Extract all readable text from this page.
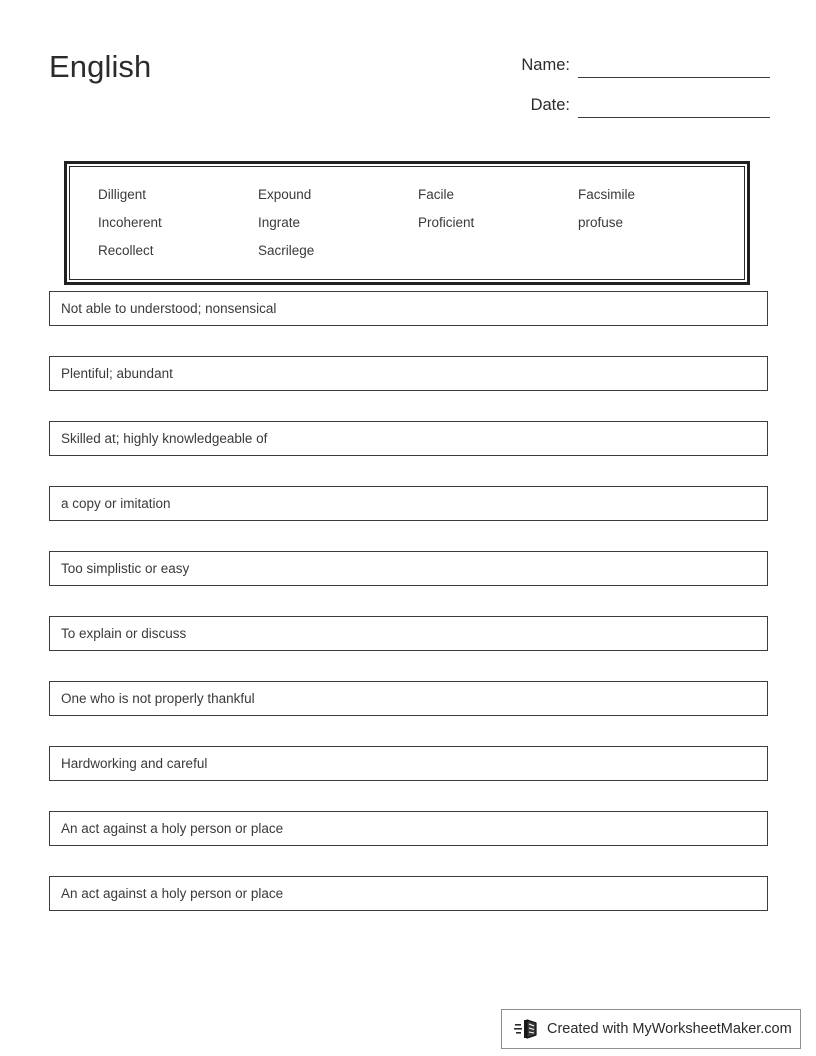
English	Name:
Date:
Dilligent	Expound	Facile	Facsimile
Incoherent	Ingrate	Proficient	profuse
Recollect	Sacrilege
Not able to understood; nonsensical
Plentiful; abundant
Skilled at; highly knowledgeable of
a copy or imitation
Too simplistic or easy
To explain or discuss
One who is not properly thankful
Hardworking and careful
An act against a holy person or place
An act against a holy person or place
Created with MyWorksheetMaker.com
